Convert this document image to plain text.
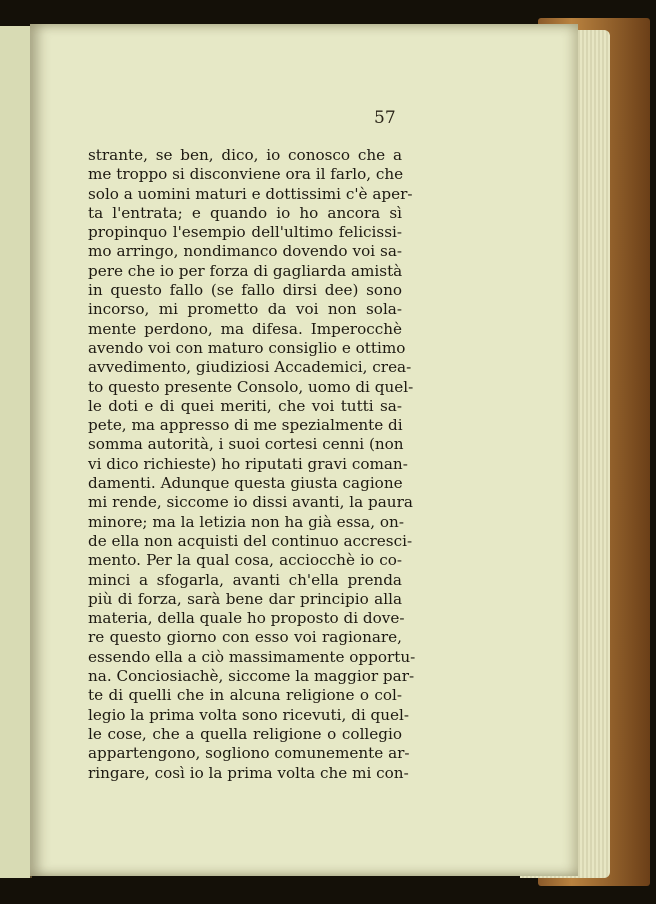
57
strante, se ben, dico, io conosco che a
me troppo si disconviene ora il farlo, che
solo a uomini maturi e dottissimi c'è aper-
ta l'entrata; e quando io ho ancora sì
propinquo l'esempio dell'ultimo felicissi-
mo arringo, nondimanco dovendo voi sa-
pere che io per forza di gagliarda amistà
in questo fallo (se fallo dirsi dee) sono
incorso, mi prometto da voi non sola-
mente perdono, ma difesa. Imperocchè
avendo voi con maturo consiglio e ottimo
avvedimento, giudiziosi Accademici, crea-
to questo presente Consolo, uomo di quel-
le doti e di quei meriti, che voi tutti sa-
pete, ma appresso di me spezialmente di
somma autorità, i suoi cortesi cenni (non
vi dico richieste) ho riputati gravi coman-
damenti. Adunque questa giusta cagione
mi rende, siccome io dissi avanti, la paura
minore; ma la letizia non ha già essa, on-
de ella non acquisti del continuo accresci-
mento. Per la qual cosa, acciocchè io co-
minci a sfogarla, avanti ch'ella prenda
più di forza, sarà bene dar principio alla
materia, della quale ho proposto di dove-
re questo giorno con esso voi ragionare,
essendo ella a ciò massimamente opportu-
na. Conciosiachè, siccome la maggior par-
te di quelli che in alcuna religione o col-
legio la prima volta sono ricevuti, di quel-
le cose, che a quella religione o collegio
appartengono, sogliono comunemente ar-
ringare, così io la prima volta che mi con-
